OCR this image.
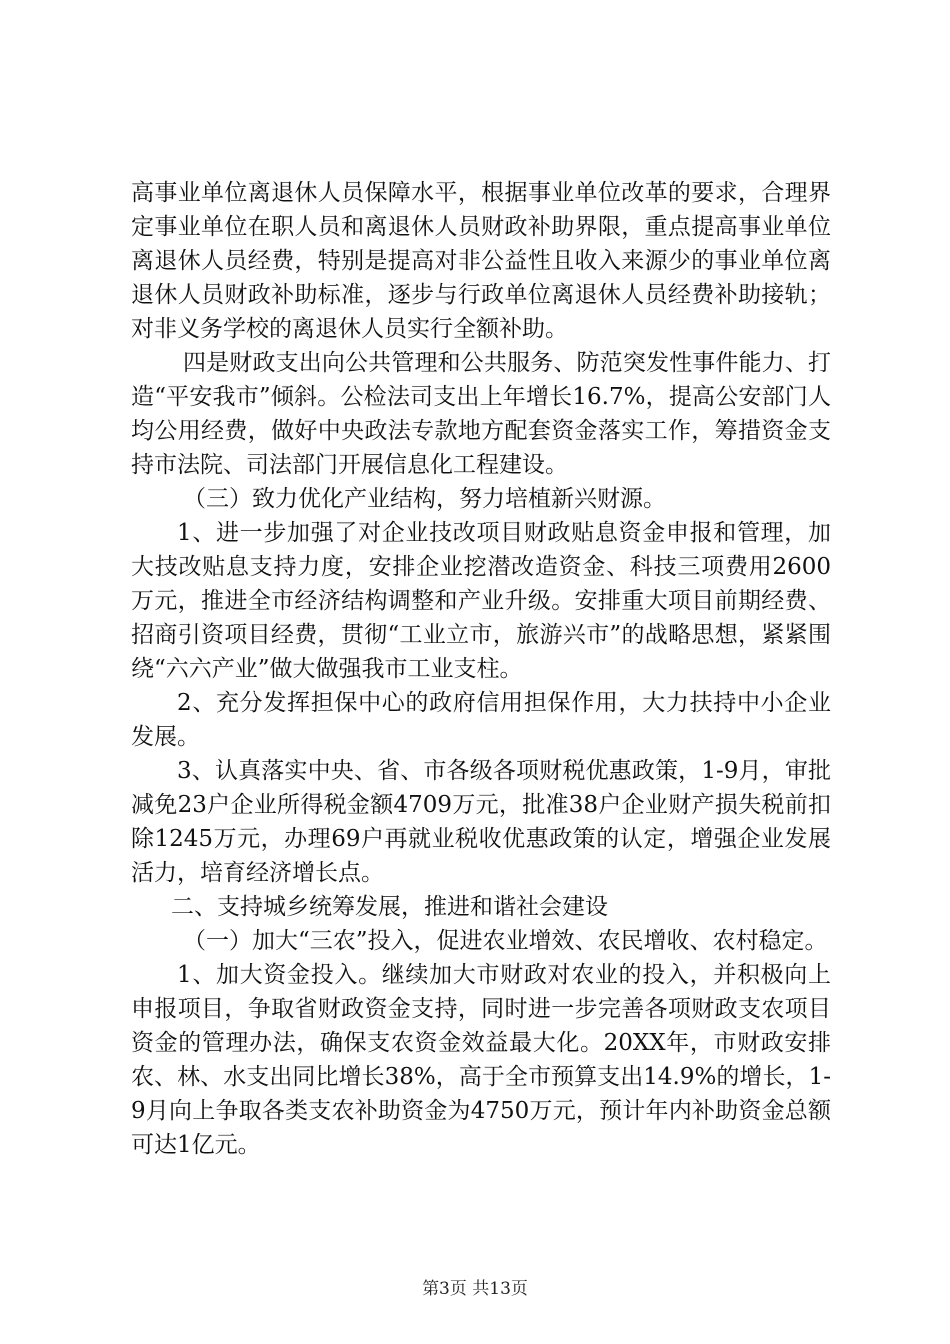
高事业单位离退休人员保障水平，根据事业单位改革的要求，合理界定事业单位在职人员和离退休人员财政补助界限，重点提高事业单位离退休人员经费，特别是提高对非公益性且收入来源少的事业单位离退休人员财政补助标准，逐步与行政单位离退休人员经费补助接轨；对非义务学校的离退休人员实行全额补助。

四是财政支出向公共管理和公共服务、防范突发性事件能力、打造“平安我市”倾斜。公检法司支出上年增长16.7%，提高公安部门人均公用经费，做好中央政法专款地方配套资金落实工作，筹措资金支持市法院、司法部门开展信息化工程建设。

（三）致力优化产业结构，努力培植新兴财源。

1、进一步加强了对企业技改项目财政贴息资金申报和管理，加大技改贴息支持力度，安排企业挖潜改造资金、科技三项费用2600万元，推进全市经济结构调整和产业升级。安排重大项目前期经费、招商引资项目经费，贯彻“工业立市，旅游兴市”的战略思想，紧紧围绕“六六产业”做大做强我市工业支柱。

2、充分发挥担保中心的政府信用担保作用，大力扶持中小企业发展。

3、认真落实中央、省、市各级各项财税优惠政策，1-9月，审批减免23户企业所得税金额4709万元，批准38户企业财产损失税前扣除1245万元，办理69户再就业税收优惠政策的认定，增强企业发展活力，培育经济增长点。

二、支持城乡统筹发展，推进和谐社会建设

（一）加大“三农”投入，促进农业增效、农民增收、农村稳定。

1、加大资金投入。继续加大市财政对农业的投入，并积极向上申报项目，争取省财政资金支持，同时进一步完善各项财政支农项目资金的管理办法，确保支农资金效益最大化。20XX年，市财政安排农、林、水支出同比增长38%，高于全市预算支出14.9%的增长，1-9月向上争取各类支农补助资金为4750万元，预计年内补助资金总额可达1亿元。

第3页 共13页
